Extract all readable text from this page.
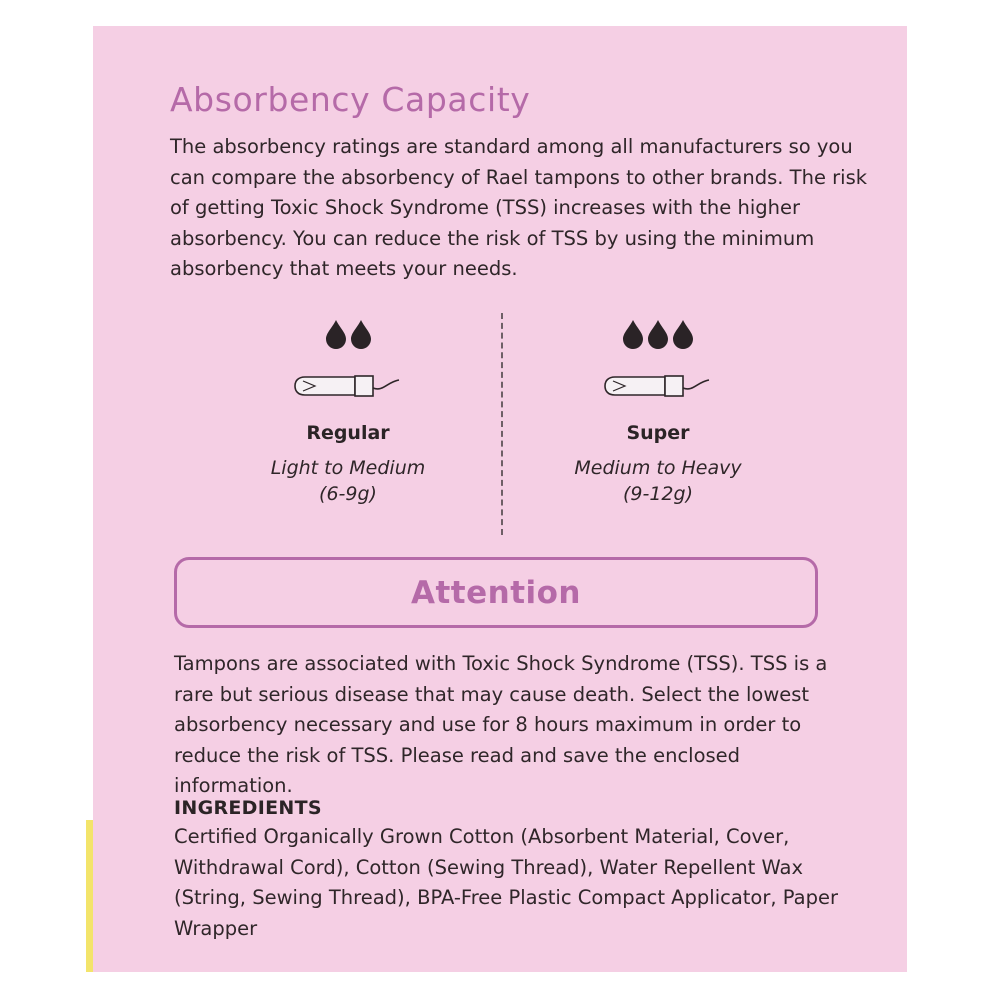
Absorbency Capacity

The absorbency ratings are standard among all manufacturers so you can compare the absorbency of Rael tampons to other brands. The risk of getting Toxic Shock Syndrome (TSS) increases with the higher absorbency. You can reduce the risk of TSS by using the minimum absorbency that meets your needs.

Regular
Light to Medium
(6-9g)
Super
Medium to Heavy
(9-12g)
Attention

Tampons are associated with Toxic Shock Syndrome (TSS). TSS is a rare but serious disease that may cause death. Select the lowest absorbency necessary and use for 8 hours maximum in order to reduce the risk of TSS. Please read and save the enclosed information.

INGREDIENTS

Certified Organically Grown Cotton (Absorbent Material, Cover, Withdrawal Cord), Cotton (Sewing Thread), Water Repellent Wax (String, Sewing Thread), BPA-Free Plastic Compact Applicator, Paper Wrapper
